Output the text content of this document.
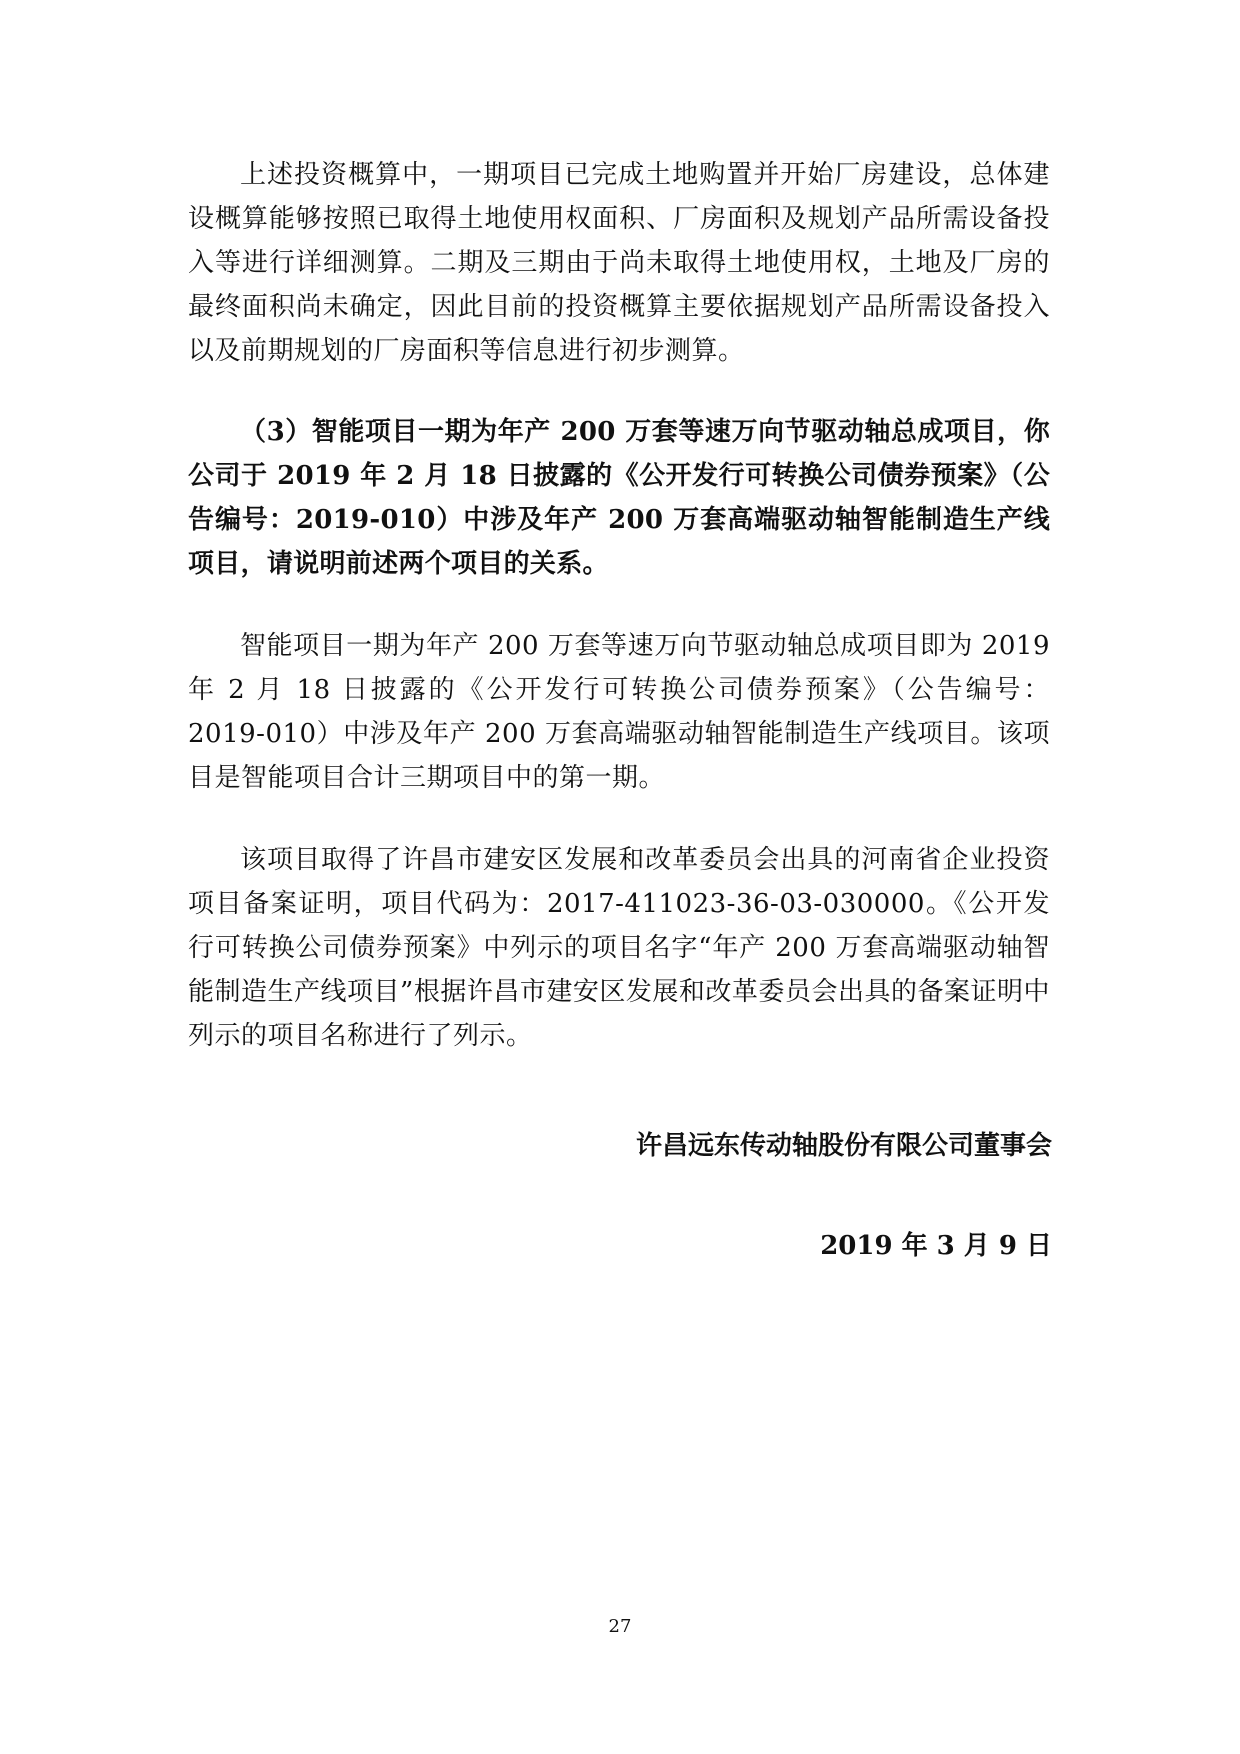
上述投资概算中，一期项目已完成土地购置并开始厂房建设，总体建设概算能够按照已取得土地使用权面积、厂房面积及规划产品所需设备投入等进行详细测算。二期及三期由于尚未取得土地使用权，土地及厂房的最终面积尚未确定，因此目前的投资概算主要依据规划产品所需设备投入以及前期规划的厂房面积等信息进行初步测算。

（3）智能项目一期为年产 200 万套等速万向节驱动轴总成项目，你公司于 2019 年 2 月 18 日披露的《公开发行可转换公司债券预案》（公告编号：2019-010）中涉及年产 200 万套高端驱动轴智能制造生产线项目，请说明前述两个项目的关系。

智能项目一期为年产 200 万套等速万向节驱动轴总成项目即为 2019 年 2 月 18 日披露的《公开发行可转换公司债券预案》（公告编号：2019-010）中涉及年产 200 万套高端驱动轴智能制造生产线项目。该项目是智能项目合计三期项目中的第一期。

该项目取得了许昌市建安区发展和改革委员会出具的河南省企业投资项目备案证明，项目代码为：2017-411023-36-03-030000。《公开发行可转换公司债券预案》中列示的项目名字“年产 200 万套高端驱动轴智能制造生产线项目”根据许昌市建安区发展和改革委员会出具的备案证明中列示的项目名称进行了列示。

许昌远东传动轴股份有限公司董事会
2019 年 3 月 9 日
27
